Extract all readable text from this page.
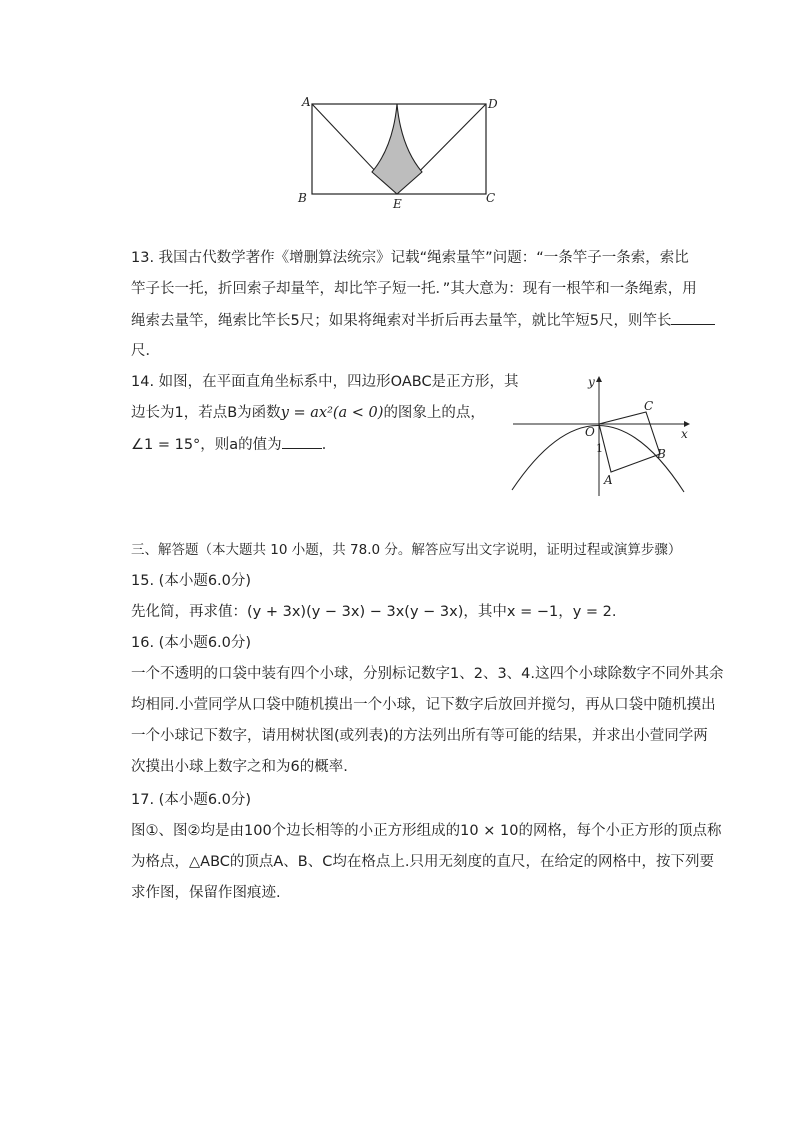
A	D
B	E	C
13. 我国古代数学著作《增删算法统宗》记载“绳索量竿”问题：“一条竿子一条索，索比
竿子长一托，折回索子却量竿，却比竿子短一托．”其大意为：现有一根竿和一条绳索，用
绳索去量竿，绳索比竿长5尺；如果将绳索对半折后再去量竿，就比竿短5尺，则竿长
尺．
14. 如图，在平面直角坐标系中，四边形OABC是正方形，其
边长为1，若点B为函数y = ax²(a < 0)的图象上的点，
∠1 = 15°，则a的值为	．
y
x
O
C
B
A
1
三、解答题（本大题共 10 小题，共 78.0 分。解答应写出文字说明，证明过程或演算步骤）
15. (本小题6.0分)
先化简，再求值：(y + 3x)(y − 3x) − 3x(y − 3x)，其中x = −1，y = 2.
16. (本小题6.0分)
一个不透明的口袋中装有四个小球，分别标记数字1、2、3、4.这四个小球除数字不同外其余
均相同.小萱同学从口袋中随机摸出一个小球，记下数字后放回并搅匀，再从口袋中随机摸出
一个小球记下数字，请用树状图(或列表)的方法列出所有等可能的结果，并求出小萱同学两
次摸出小球上数字之和为6的概率.
17. (本小题6.0分)
图①、图②均是由100个边长相等的小正方形组成的10 × 10的网格，每个小正方形的顶点称
为格点，△ABC的顶点A、B、C均在格点上.只用无刻度的直尺，在给定的网格中，按下列要
求作图，保留作图痕迹.
